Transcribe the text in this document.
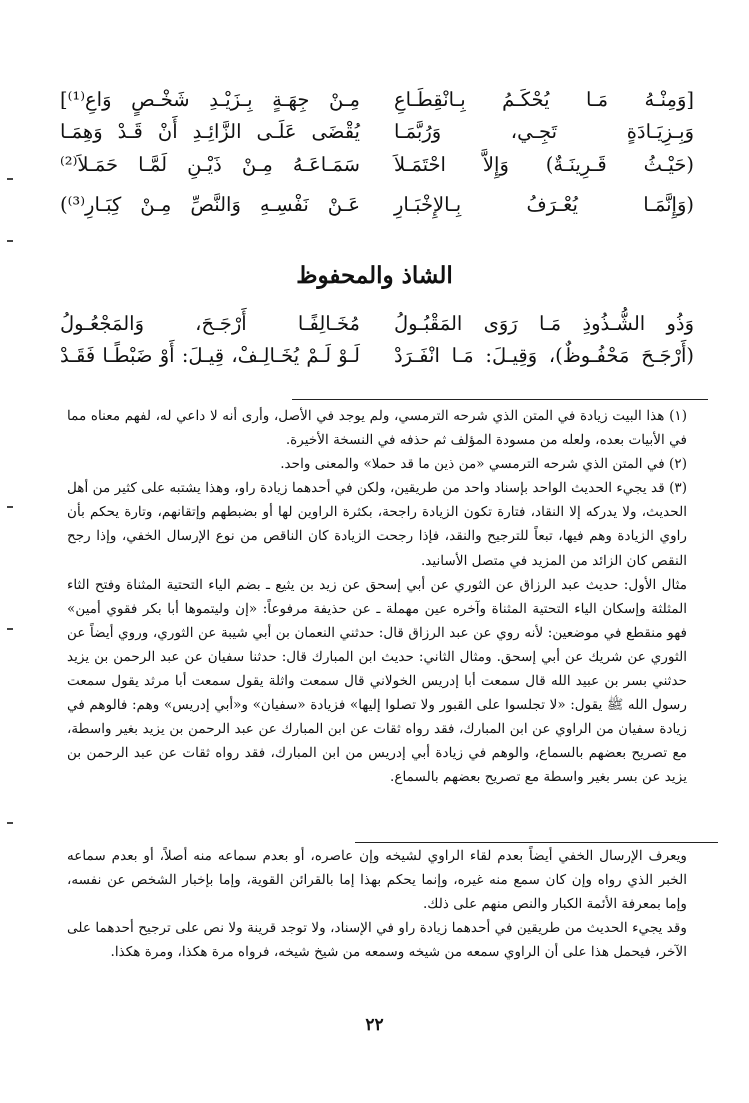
[وَمِنْـهُ مَـا يُحْكَـمُ بِـانْقِطَـاعِ
مِـنْ جِهَـةٍ بِـزَيْـدِ شَخْـصٍ وَاعِ⁽¹⁾]
وَبِـزِيَـادَةٍ تَجِـي، وَرُبَّمَـا
يُقْضَى عَلَـى الزَّائِـدِ أَنْ قَـدْ وَهِمَـا
(حَيْـثُ قَـرِينَـةٌ) وَإِلاَّ احْتَمَـلاَ
سَمَـاعَـهُ مِـنْ ذَيْـنِ لَمَّـا حَمَـلاَ⁽²⁾
(وَإِنَّمَـا يُعْـرَفُ بِـالإِخْبَـارِ
عَـنْ نَفْسِـهِ وَالنَّصِّ مِـنْ كِبَـارِ⁽³⁾)
الشاذ والمحفوظ
وَذُو الشُّـذُوذِ مَـا رَوَى المَقْبُـولُ
مُخَـالِفًـا أَرْجَـحَ، وَالمَجْعُـولُ
(أَرْجَـحَ مَحْفُـوظٌ)، وَقِيـلَ: مَـا انْفَـرَدْ
لَـوْ لَـمْ يُخَـالِـفْ، قِيـلَ: أَوْ ضَبْطًـا فَقَـدْ

(١) هذا البيت زيادة في المتن الذي شرحه الترمسي، ولم يوجد في الأصل، وأرى أنه لا داعي له، لفهم معناه مما في الأبيات بعده، ولعله من مسودة المؤلف ثم حذفه في النسخة الأخيرة.

(٢) في المتن الذي شرحه الترمسي «من ذين ما قد حملا» والمعنى واحد.

(٣) قد يجيء الحديث الواحد بإسناد واحد من طريقين، ولكن في أحدهما زيادة راو، وهذا يشتبه على كثير من أهل الحديث، ولا يدركه إلا النقاد، فتارة تكون الزيادة راجحة، بكثرة الراوين لها أو بضبطهم وإتقانهم، وتارة يحكم بأن راوي الزيادة وهم فيها، تبعاً للترجيح والنقد، فإذا رجحت الزيادة كان الناقص من نوع الإرسال الخفي، وإذا رجح النقص كان الزائد من المزيد في متصل الأسانيد.

مثال الأول: حديث عبد الرزاق عن الثوري عن أبي إسحق عن زيد بن يثيع ـ بضم الياء التحتية المثناة وفتح الثاء المثلثة وإسكان الياء التحتية المثناة وآخره عين مهملة ـ عن حذيفة مرفوعاً: «إن وليتموها أبا بكر فقوي أمين» فهو منقطع في موضعين: لأنه روي عن عبد الرزاق قال: حدثني النعمان بن أبي شيبة عن الثوري، وروي أيضاً عن الثوري عن شريك عن أبي إسحق. ومثال الثاني: حديث ابن المبارك قال: حدثنا سفيان عن عبد الرحمن بن يزيد حدثني بسر بن عبيد الله قال سمعت أبا إدريس الخولاني قال سمعت واثلة يقول سمعت أبا مرثد يقول سمعت رسول الله ﷺ يقول: «لا تجلسوا على القبور ولا تصلوا إليها» فزيادة «سفيان» و«أبي إدريس» وهم: فالوهم في زيادة سفيان من الراوي عن ابن المبارك، فقد رواه ثقات عن ابن المبارك عن عبد الرحمن بن يزيد بغير واسطة، مع تصريح بعضهم بالسماع، والوهم في زيادة أبي إدريس من ابن المبارك، فقد رواه ثقات عن عبد الرحمن بن يزيد عن بسر بغير واسطة مع تصريح بعضهم بالسماع.

ويعرف الإرسال الخفي أيضاً بعدم لقاء الراوي لشيخه وإن عاصره، أو بعدم سماعه منه أصلاً، أو بعدم سماعه الخبر الذي رواه وإن كان سمع منه غيره، وإنما يحكم بهذا إما بالقرائن القوية، وإما بإخبار الشخص عن نفسه، وإما بمعرفة الأئمة الكبار والنص منهم على ذلك.

وقد يجيء الحديث من طريقين في أحدهما زيادة راو في الإسناد، ولا توجد قرينة ولا نص على ترجيح أحدهما على الآخر، فيحمل هذا على أن الراوي سمعه من شيخه وسمعه من شيخ شيخه، فرواه مرة هكذا، ومرة هكذا.

٢٢
